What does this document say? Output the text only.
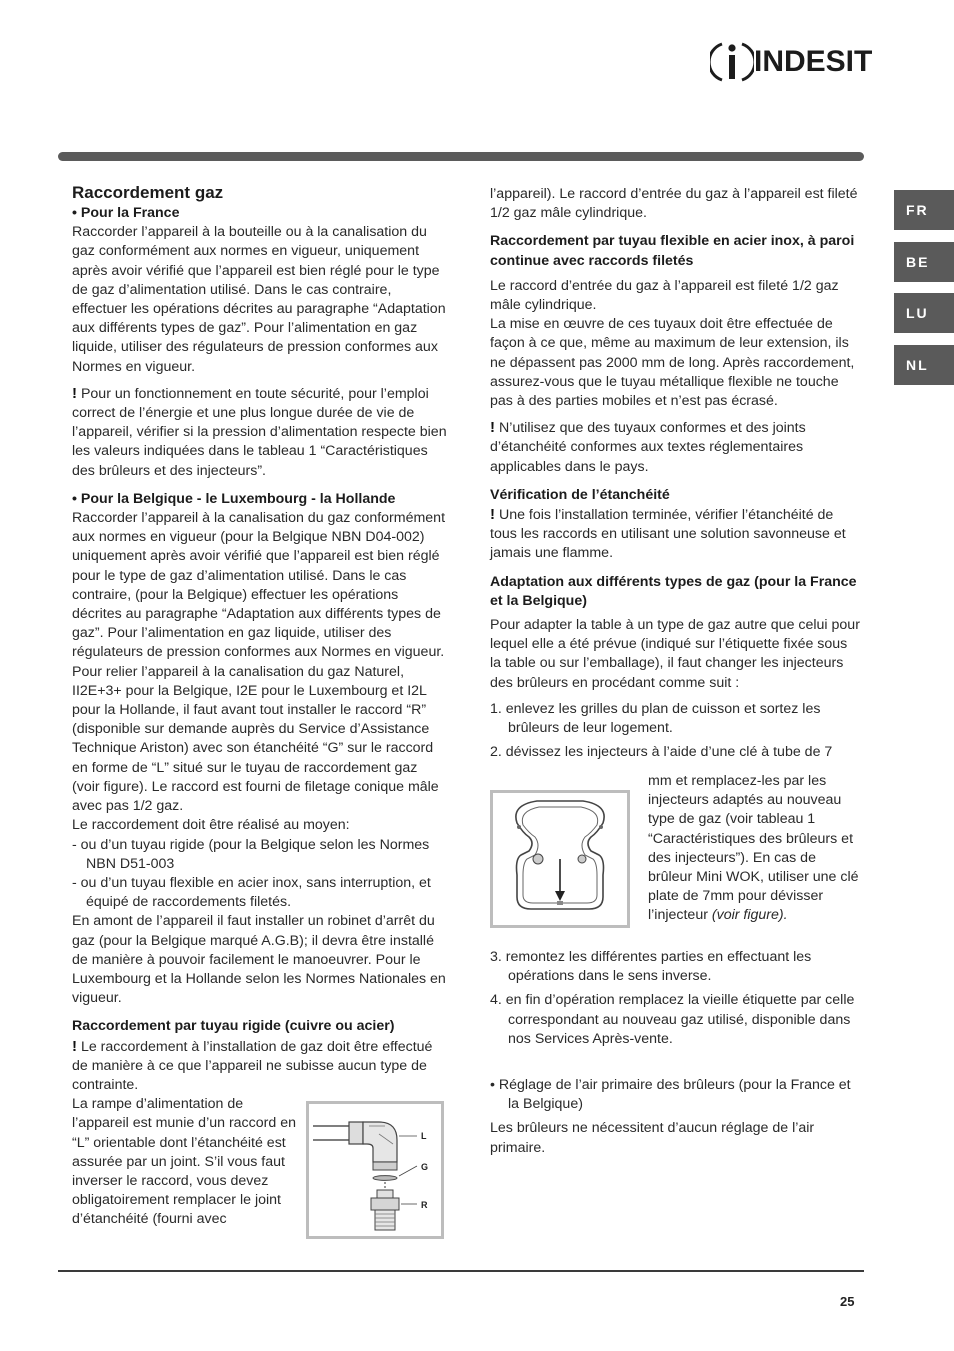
INDESIT
FR
BE
LU
NL

Raccordement gaz

• Pour la France

Raccorder l’appareil à la bouteille ou à la canalisation du gaz conformément aux normes en vigueur, uniquement après avoir vérifié que l’appareil est bien réglé pour le type de gaz d’alimentation utilisé. Dans le cas contraire, effectuer les opérations décrites au paragraphe “Adaptation aux différents types de gaz”. Pour l’alimentation en gaz liquide, utiliser des régulateurs de pression conformes aux Normes en vigueur.

! Pour un fonctionnement en toute sécurité, pour l’emploi correct de l’énergie et une plus longue durée de vie de l’appareil, vérifier si la pression d’alimentation respecte bien les valeurs indiquées dans le tableau 1 “Caractéristiques des brûleurs et des injecteurs”.

• Pour la Belgique - le Luxembourg - la Hollande

Raccorder l’appareil à la canalisation du gaz conformément aux normes en vigueur (pour la Belgique NBN D04-002) uniquement après avoir vérifié que l’appareil est bien réglé pour le type de gaz d’alimentation utilisé. Dans le cas contraire, (pour la Belgique) effectuer les opérations décrites au paragraphe “Adaptation aux différents types de gaz”. Pour l’alimentation en gaz liquide, utiliser des régulateurs de pression conformes aux Normes en vigueur. Pour relier l’appareil à la canalisation du gaz Naturel, II2E+3+ pour la Belgique, I2E pour le Luxembourg et I2L pour la Hollande, il faut avant tout installer le raccord “R” (disponible sur demande auprès du Service d’Assistance Technique Ariston) avec son étanchéité “G” sur le raccord en forme de “L” situé sur le tuyau de raccordement gaz (voir figure). Le raccord est fourni de filetage conique mâle avec pas 1/2 gaz.

Le raccordement doit être réalisé au moyen:

- ou d’un tuyau rigide (pour la Belgique selon les Normes NBN D51-003

- ou d’un tuyau flexible en acier inox, sans interruption, et équipé de raccordements filetés.

En amont de l’appareil il faut installer un robinet d’arrêt du gaz (pour la Belgique marqué A.G.B); il devra être installé de manière à pouvoir facilement le manoeuvrer. Pour le Luxembourg et la Hollande selon les Normes Nationales en vigueur.

Raccordement par tuyau rigide (cuivre ou acier)

! Le raccordement à l’installation de gaz doit être effectué de manière à ce que l’appareil ne subisse aucun type de contrainte.

La rampe d’alimentation de l’appareil est munie d’un raccord en “L” orientable dont l’étanchéité est assurée par un joint. S’il vous faut inverser le raccord, vous devez obligatoirement remplacer le joint d’étanchéité (fourni avec

L
G
R

l’appareil). Le raccord d’entrée du gaz à l’appareil est fileté 1/2 gaz mâle cylindrique.

Raccordement par tuyau flexible en acier inox, à paroi continue avec raccords filetés

Le raccord d’entrée du gaz à l’appareil est fileté 1/2 gaz mâle cylindrique.

La mise en œuvre de ces tuyaux doit être effectuée de façon à ce que, même au maximum de leur extension, ils ne dépassent pas 2000 mm de long. Après raccordement, assurez-vous que le tuyau métallique flexible ne touche pas à des parties mobiles et n’est pas écrasé.

! N’utilisez que des tuyaux conformes et des joints d’étanchéité conformes aux textes réglementaires applicables dans le pays.

Vérification de l’étanchéité

! Une fois l’installation terminée, vérifier l’étanchéité de tous les raccords en utilisant une solution savonneuse et jamais une flamme.

Adaptation aux différents types de gaz (pour la France et la Belgique)

Pour adapter la table à un type de gaz autre que celui pour lequel elle a été prévue (indiqué sur l’étiquette fixée sous la table ou sur l’emballage), il faut changer les injecteurs des brûleurs en procédant comme suit :

1. enlevez les grilles du plan de cuisson et sortez les brûleurs de leur logement.

2. dévissez les injecteurs à l’aide d’une clé à tube de 7

mm et remplacez-les par les injecteurs adaptés au nouveau type de gaz (voir tableau 1 “Caractéristiques des brûleurs et des injecteurs”). En cas de brûleur Mini WOK, utiliser une clé plate de 7mm pour dévisser l’injecteur (voir figure).

3. remontez les différentes parties en effectuant les opérations dans le sens inverse.

4. en fin d’opération remplacez la vieille étiquette par celle correspondant au nouveau gaz utilisé, disponible dans nos Services Après-vente.

• Réglage de l’air primaire des brûleurs (pour la France et la Belgique)

Les brûleurs ne nécessitent d’aucun réglage de l’air primaire.

25
